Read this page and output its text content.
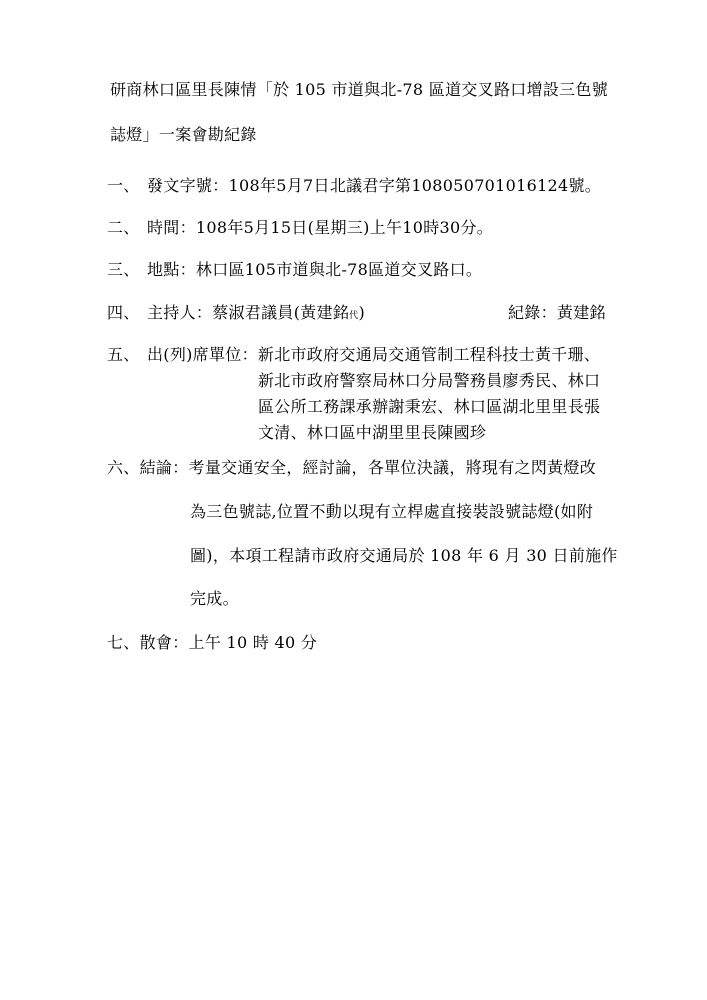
研商林口區里長陳情「於 105 市道與北-78 區道交叉路口增設三色號
誌燈」一案會勘紀錄
一、 發文字號：108年5月7日北議君字第108050701016124號。
二、 時間：108年5月15日(星期三)上午10時30分。
三、 地點：林口區105市道與北-78區道交叉路口。
四、 主持人：蔡淑君議員(黃建銘代)	紀錄：黃建銘
五、 出(列)席單位：新北市政府交通局交通管制工程科技士黃千珊、
新北市政府警察局林口分局警務員廖秀民、林口
區公所工務課承辦謝秉宏、林口區湖北里里長張
文清、林口區中湖里里長陳國珍
六、結論：考量交通安全，經討論，各單位決議，將現有之閃黃燈改
為三色號誌,位置不動以現有立桿處直接裝設號誌燈(如附
圖)，本項工程請市政府交通局於 108 年 6 月 30 日前施作
完成。
七、散會：上午 10 時 40 分
